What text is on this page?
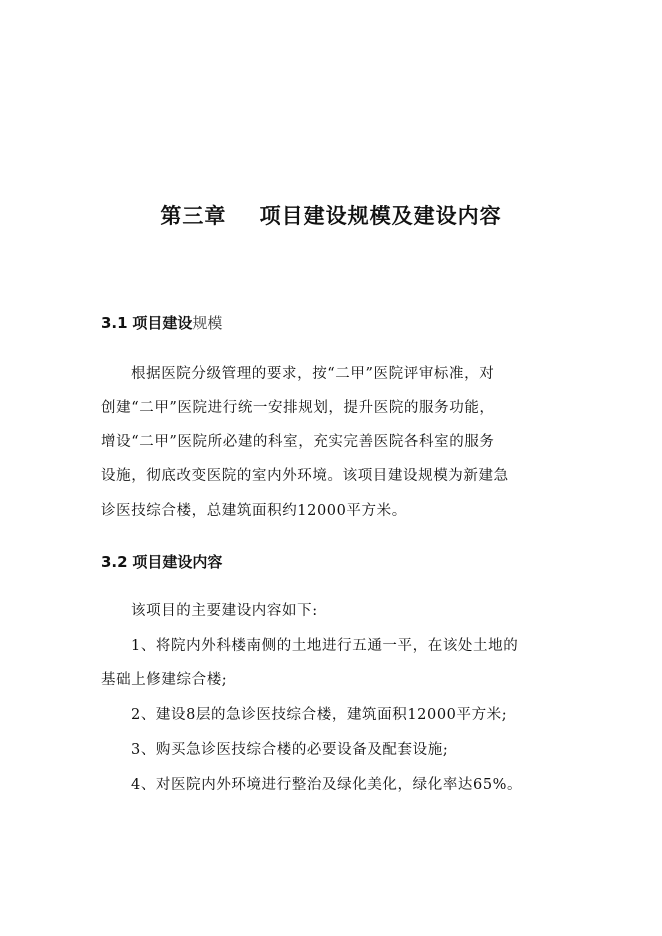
第三章    项目建设规模及建设内容
3.1 项目建设规模
根据医院分级管理的要求，按“二甲”医院评审标准，对
创建“二甲”医院进行统一安排规划，提升医院的服务功能，
增设“二甲”医院所必建的科室，充实完善医院各科室的服务
设施，彻底改变医院的室内外环境。该项目建设规模为新建急
诊医技综合楼，总建筑面积约12000平方米。
3.2 项目建设内容
该项目的主要建设内容如下:
1、将院内外科楼南侧的土地进行五通一平，在该处土地的
基础上修建综合楼;
2、建设8层的急诊医技综合楼，建筑面积12000平方米;
3、购买急诊医技综合楼的必要设备及配套设施;
4、对医院内外环境进行整治及绿化美化，绿化率达65%。
